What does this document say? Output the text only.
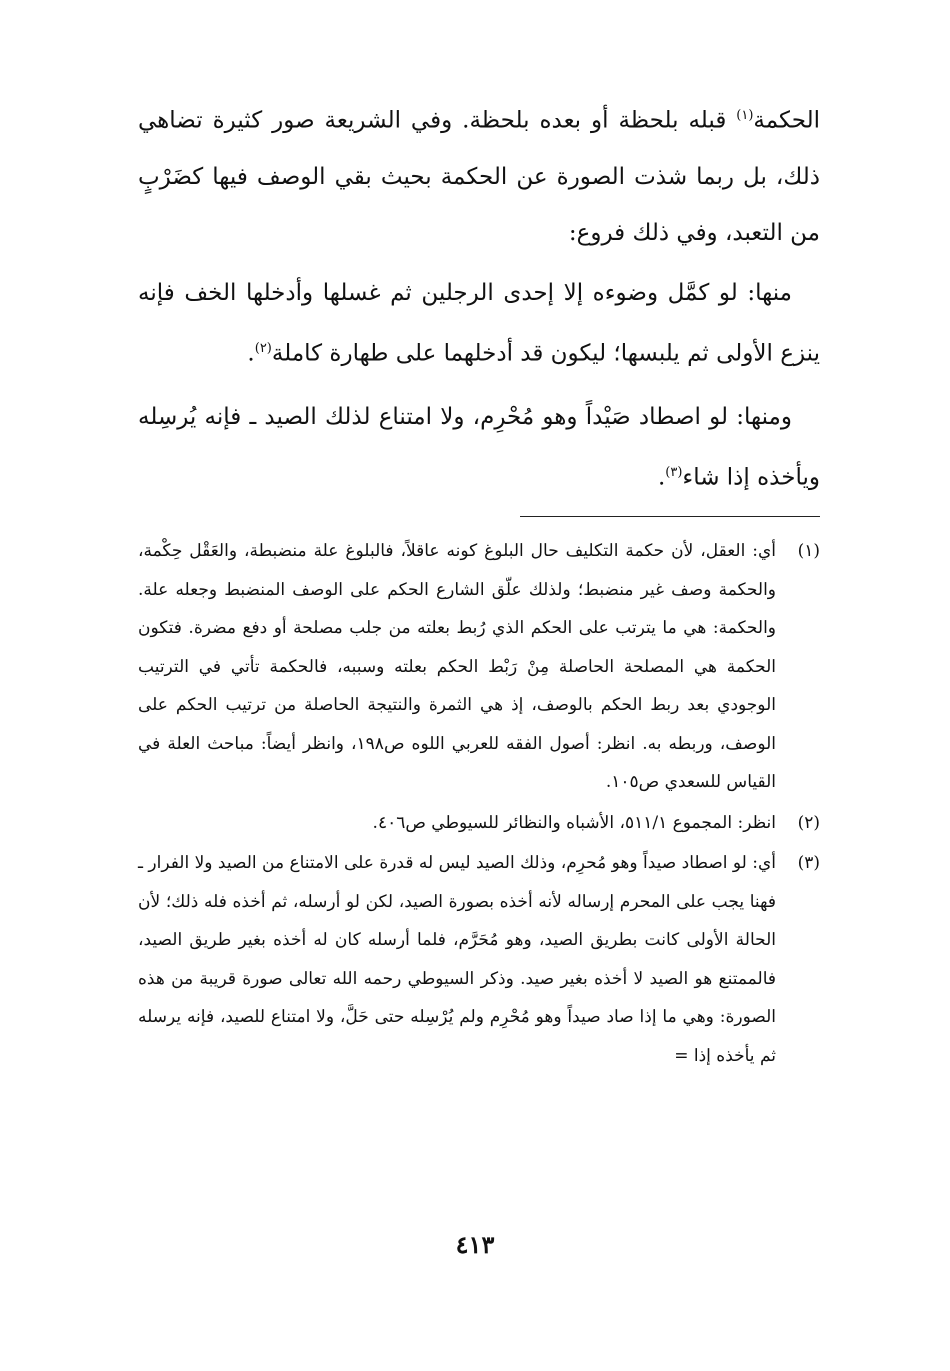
الحكمة$^{(١)}$ قبله بلحظة أو بعده بلحظة. وفي الشريعة صور كثيرة تضاهي ذلك، بل ربما شذت الصورة عن الحكمة بحيث بقي الوصف فيها كضَرْبٍ من التعبد، وفي ذلك فروع:

منها: لو كمَّل وضوءه إلا إحدى الرجلين ثم غسلها وأدخلها الخف فإنه ينزع الأولى ثم يلبسها؛ ليكون قد أدخلهما على طهارة كاملة$^{(٢)}$.

ومنها: لو اصطاد صَيْداً وهو مُحْرِم، ولا امتناع لذلك الصيد ـ فإنه يُرسِله ويأخذه إذا شاء$^{(٣)}$.

(١)
أي: العقل، لأن حكمة التكليف حال البلوغ كونه عاقلاً، فالبلوغ علة منضبطة، والعَقْل حِكْمة، والحكمة وصف غير منضبط؛ ولذلك علّق الشارع الحكم على الوصف المنضبط وجعله علة. والحكمة: هي ما يترتب على الحكم الذي رُبط بعلته من جلب مصلحة أو دفع مضرة. فتكون الحكمة هي المصلحة الحاصلة مِنْ رَبْط الحكم بعلته وسببه، فالحكمة تأتي في الترتيب الوجودي بعد ربط الحكم بالوصف، إذ هي الثمرة والنتيجة الحاصلة من ترتيب الحكم على الوصف، وربطه به. انظر: أصول الفقه للعربي اللوه ص١٩٨، وانظر أيضاً: مباحث العلة في القياس للسعدي ص١٠٥.
(٢)
انظر: المجموع ٥١١/١، الأشباه والنظائر للسيوطي ص٤٠٦.
(٣)
أي: لو اصطاد صيداً وهو مُحرِم، وذلك الصيد ليس له قدرة على الامتناع من الصيد ولا الفرار ـ فهنا يجب على المحرم إرساله لأنه أخذه بصورة الصيد، لكن لو أرسله، ثم أخذه فله ذلك؛ لأن الحالة الأولى كانت بطريق الصيد، وهو مُحَرَّم، فلما أرسله كان له أخذه بغير طريق الصيد، فالممتنع هو الصيد لا أخذه بغير صيد. وذكر السيوطي رحمه الله تعالى صورة قريبة من هذه الصورة: وهي ما إذا صاد صيداً وهو مُحْرِم ولم يُرْسِله حتى حَلَّ، ولا امتناع للصيد، فإنه يرسله ثم يأخذه إذا =
٤١٣
